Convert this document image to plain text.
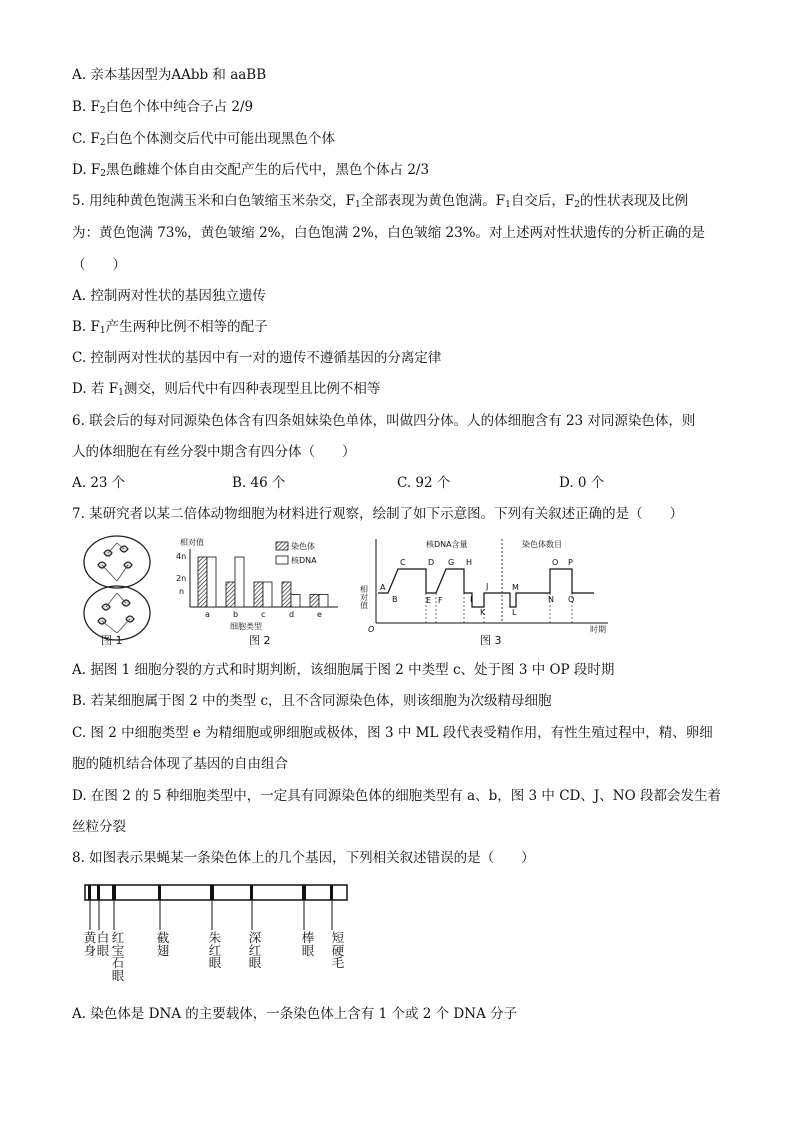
A. 亲本基因型为AAbb 和 aaBB
B. $F_2$白色个体中纯合子占 2/9
C. $F_2$白色个体测交后代中可能出现黑色个体
D. $F_2$黑色雌雄个体自由交配产生的后代中，黑色个体占 2/3
5. 用纯种黄色饱满玉米和白色皱缩玉米杂交，$F_1$全部表现为黄色饱满。$F_1$自交后，$F_2$的性状表现及比例
为：黄色饱满 73%，黄色皱缩 2%，白色饱满 2%，白色皱缩 23%。对上述两对性状遗传的分析正确的是
（　　）
A. 控制两对性状的基因独立遗传
B. $F_1$产生两种比例不相等的配子
C. 控制两对性状的基因中有一对的遗传不遵循基因的分离定律
D. 若 $F_1$测交，则后代中有四种表现型且比例不相等
6. 联会后的每对同源染色体含有四条姐妹染色单体，叫做四分体。人的体细胞含有 23 对同源染色体，则
人的体细胞在有丝分裂中期含有四分体（　　）
A. 23 个	B. 46 个	C. 92 个	D. 0 个
7. 某研究者以某二倍体动物细胞为材料进行观察，绘制了如下示意图。下列有关叙述正确的是（　　）
图 1
相对值
4n
2n
n
染色体
核DNA
a	b	c	d	e
细胞类型
图 2
相对值
O	时期
核DNA含量	染色体数目
A
B
C	D
E F
G H
I
J
K	L
M
N
O P
Q
图 3
A. 据图 1 细胞分裂的方式和时期判断，该细胞属于图 2 中类型 c、处于图 3 中 OP 段时期
B. 若某细胞属于图 2 中的类型 c，且不含同源染色体，则该细胞为次级精母细胞
C. 图 2 中细胞类型 e 为精细胞或卵细胞或极体，图 3 中 ML 段代表受精作用，有性生殖过程中，精、卵细
胞的随机结合体现了基因的自由组合
D. 在图 2 的 5 种细胞类型中，一定具有同源染色体的细胞类型有 a、b，图 3 中 CD、J、NO 段都会发生着
丝粒分裂
8. 如图表示果蝇某一条染色体上的几个基因，下列相关叙述错误的是（　　）
黄身
白眼
红宝石眼
截翅
朱红眼
深红眼
棒眼
短硬毛
A. 染色体是 DNA 的主要载体，一条染色体上含有 1 个或 2 个 DNA 分子
